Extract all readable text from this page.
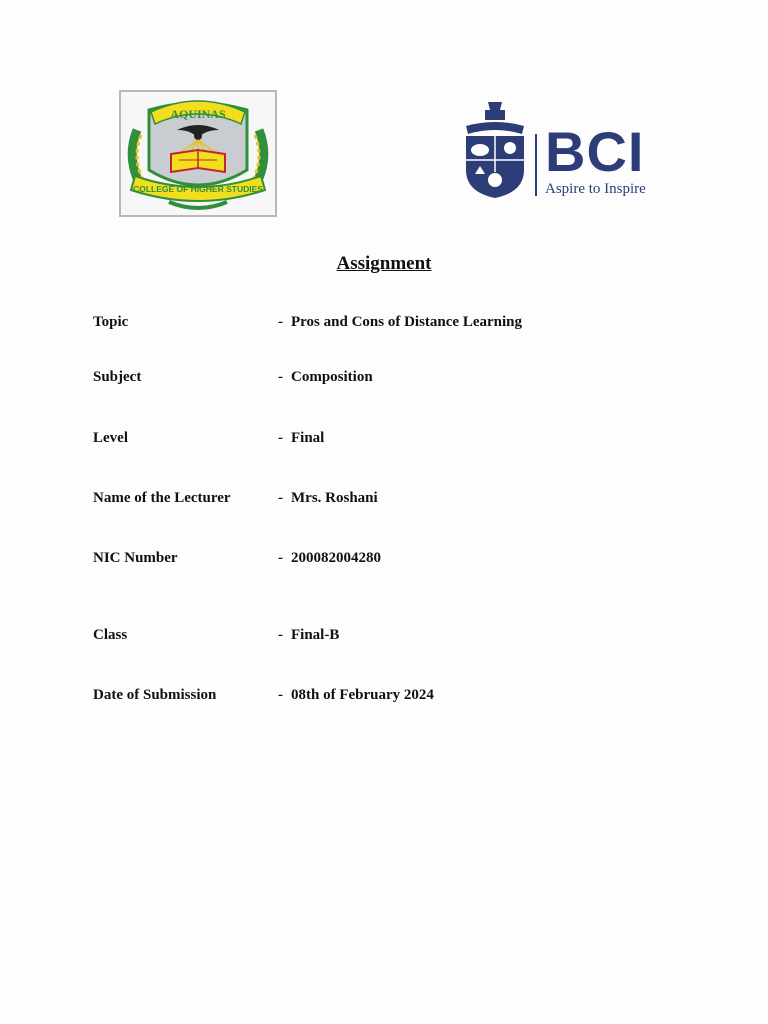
AQUINAS
COLLEGE OF HIGHER STUDIES
BCI
Aspire to Inspire
Assignment
Topic	- Pros and Cons of Distance Learning
Subject	- Composition
Level	- Final
Name of the Lecturer	- Mrs. Roshani
NIC Number	- 200082004280
Class	- Final-B
Date of Submission	- 08th of February 2024
